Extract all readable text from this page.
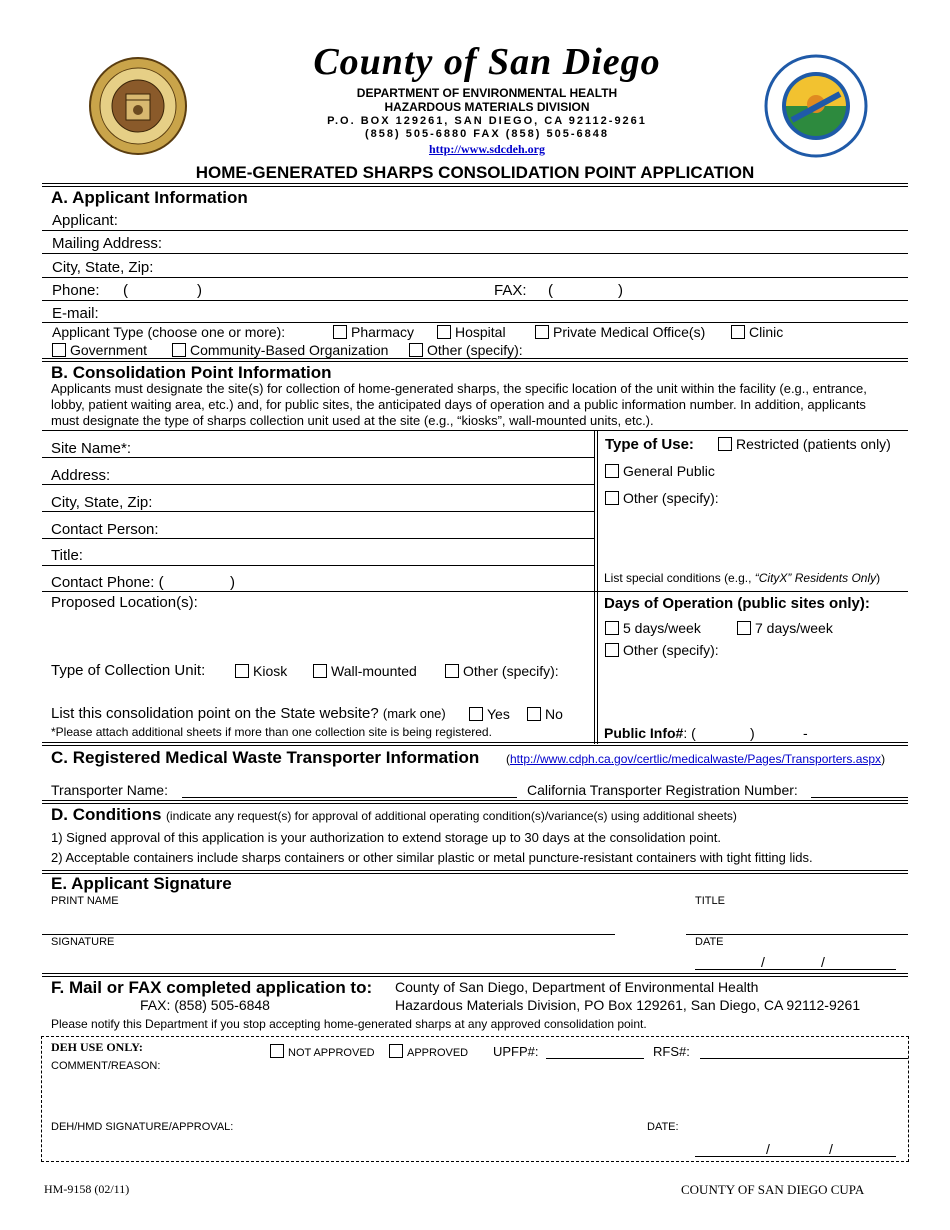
County of San Diego
DEPARTMENT OF ENVIRONMENTAL HEALTH
HAZARDOUS MATERIALS DIVISION
P.O. BOX 129261, SAN DIEGO, CA 92112-9261
(858) 505-6880 FAX (858) 505-6848
http://www.sdcdeh.org
HOME-GENERATED SHARPS CONSOLIDATION POINT APPLICATION
A. Applicant Information
Applicant:
Mailing Address:
City, State, Zip:
Phone: (	)	FAX: (	)
E-mail:
Applicant Type (choose one or more):	Pharmacy	Hospital	Private Medical Office(s)	Clinic
Government	Community-Based Organization	Other (specify):
B. Consolidation Point Information
Applicants must designate the site(s) for collection of home-generated sharps, the specific location of the unit within the facility (e.g., entrance, lobby, patient waiting area, etc.) and, for public sites, the anticipated days of operation and a public information number. In addition, applicants must designate the type of sharps collection unit used at the site (e.g., “kiosks”, wall-mounted units, etc.).
Site Name*:
Address:
City, State, Zip:
Contact Person:
Title:
Contact Phone: (	)
Type of Use:	Restricted (patients only)
General Public
Other (specify):
List special conditions (e.g., “CityX” Residents Only)
Proposed Location(s):	Days of Operation (public sites only):
5 days/week	7 days/week
Other (specify):
Type of Collection Unit:	Kiosk	Wall-mounted	Other (specify):
List this consolidation point on the State website? (mark one)	Yes	No
*Please attach additional sheets if more than one collection site is being registered.	Public Info#: (	)	-
C. Registered Medical Waste Transporter Information (http://www.cdph.ca.gov/certlic/medicalwaste/Pages/Transporters.aspx)
Transporter Name:	California Transporter Registration Number:
D. Conditions (indicate any request(s) for approval of additional operating condition(s)/variance(s) using additional sheets)
1) Signed approval of this application is your authorization to extend storage up to 30 days at the consolidation point.
2) Acceptable containers include sharps containers or other similar plastic or metal puncture-resistant containers with tight fitting lids.
E. Applicant Signature
PRINT NAME	TITLE
SIGNATURE	DATE
/	/
F. Mail or FAX completed application to:
FAX: (858) 505-6848
County of San Diego, Department of Environmental Health
Hazardous Materials Division, PO Box 129261, San Diego, CA 92112-9261
Please notify this Department if you stop accepting home-generated sharps at any approved consolidation point.
DEH USE ONLY:	NOT APPROVED	APPROVED UPFP#:	RFS#:
COMMENT/REASON:
DEH/HMD SIGNATURE/APPROVAL:	DATE:
/	/
HM-9158 (02/11)	COUNTY OF SAN DIEGO CUPA
